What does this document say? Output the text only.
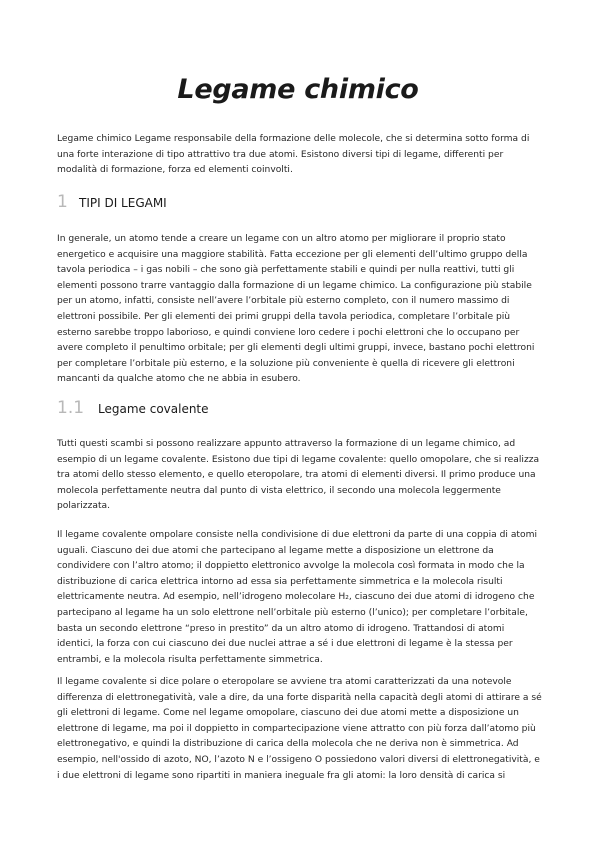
Legame chimico

Legame chimico Legame responsabile della formazione delle molecole, che si determina sotto forma di una forte interazione di tipo attrattivo tra due atomi. Esistono diversi tipi di legame, differenti per modalità di formazione, forza ed elementi coinvolti.

1 TIPI DI LEGAMI

In generale, un atomo tende a creare un legame con un altro atomo per migliorare il proprio stato energetico e acquisire una maggiore stabilità. Fatta eccezione per gli elementi dell’ultimo gruppo della tavola periodica – i gas nobili – che sono già perfettamente stabili e quindi per nulla reattivi, tutti gli elementi possono trarre vantaggio dalla formazione di un legame chimico. La configurazione più stabile per un atomo, infatti, consiste nell’avere l’orbitale più esterno completo, con il numero massimo di elettroni possibile. Per gli elementi dei primi gruppi della tavola periodica, completare l’orbitale più esterno sarebbe troppo laborioso, e quindi conviene loro cedere i pochi elettroni che lo occupano per avere completo il penultimo orbitale; per gli elementi degli ultimi gruppi, invece, bastano pochi elettroni per completare l’orbitale più esterno, e la soluzione più conveniente è quella di ricevere gli elettroni mancanti da qualche atomo che ne abbia in esubero.

1.1	Legame covalente

Tutti questi scambi si possono realizzare appunto attraverso la formazione di un legame chimico, ad esempio di un legame covalente. Esistono due tipi di legame covalente: quello omopolare, che si realizza tra atomi dello stesso elemento, e quello eteropolare, tra atomi di elementi diversi. Il primo produce una molecola perfettamente neutra dal punto di vista elettrico, il secondo una molecola leggermente polarizzata.

Il legame covalente ompolare consiste nella condivisione di due elettroni da parte di una coppia di atomi uguali. Ciascuno dei due atomi che partecipano al legame mette a disposizione un elettrone da condividere con l’altro atomo; il doppietto elettronico avvolge la molecola così formata in modo che la distribuzione di carica elettrica intorno ad essa sia perfettamente simmetrica e la molecola risulti elettricamente neutra. Ad esempio, nell’idrogeno molecolare H₂, ciascuno dei due atomi di idrogeno che partecipano al legame ha un solo elettrone nell’orbitale più esterno (l’unico); per completare l’orbitale, basta un secondo elettrone “preso in prestito” da un altro atomo di idrogeno. Trattandosi di atomi identici, la forza con cui ciascuno dei due nuclei attrae a sé i due elettroni di legame è la stessa per entrambi, e la molecola risulta perfettamente simmetrica.

Il legame covalente si dice polare o eteropolare se avviene tra atomi caratterizzati da una notevole differenza di elettronegatività, vale a dire, da una forte disparità nella capacità degli atomi di attirare a sé gli elettroni di legame. Come nel legame omopolare, ciascuno dei due atomi mette a disposizione un elettrone di legame, ma poi il doppietto in compartecipazione viene attratto con più forza dall’atomo più elettronegativo, e quindi la distribuzione di carica della molecola che ne deriva non è simmetrica. Ad esempio, nell'ossido di azoto, NO, l’azoto N e l’ossigeno O possiedono valori diversi di elettronegatività, e i due elettroni di legame sono ripartiti in maniera ineguale fra gli atomi: la loro densità di carica si
